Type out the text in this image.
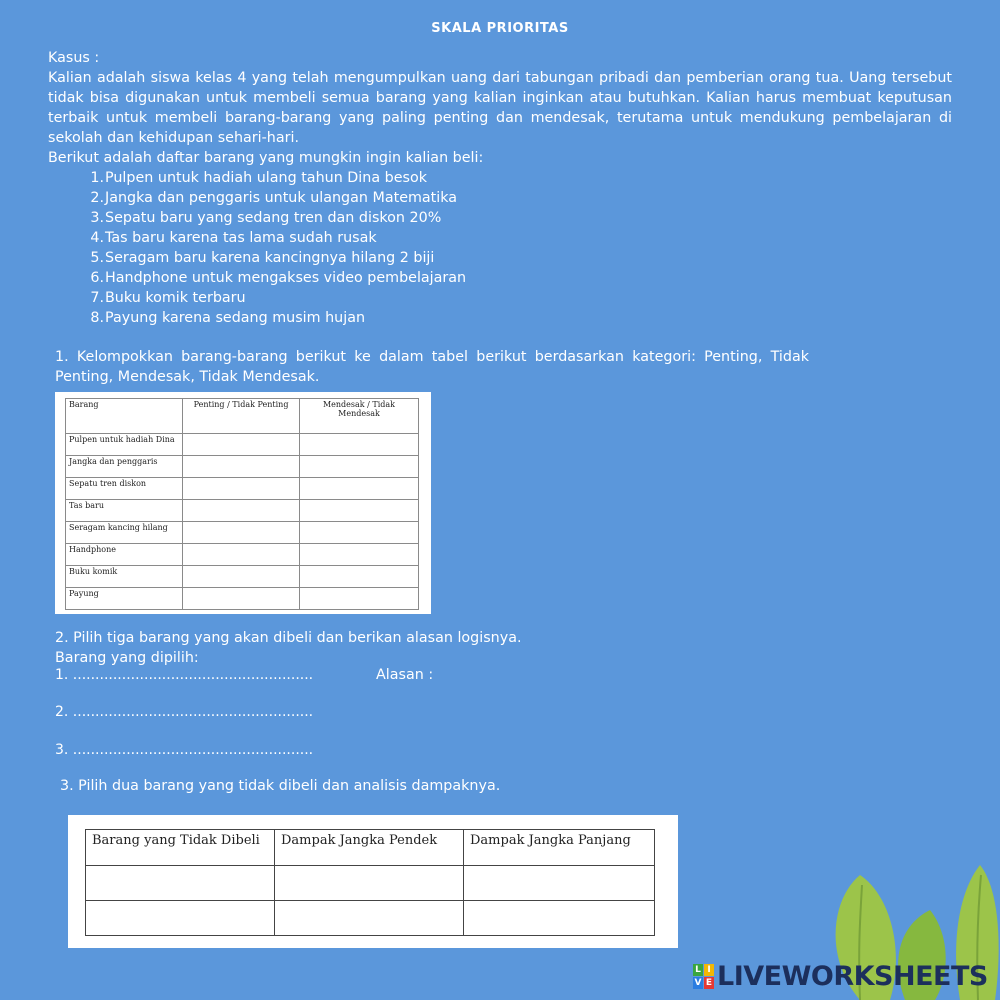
SKALA PRIORITAS

Kasus :

Kalian adalah siswa kelas 4 yang telah mengumpulkan uang dari tabungan pribadi dan pemberian orang tua. Uang tersebut tidak bisa digunakan untuk membeli semua barang yang kalian inginkan atau butuhkan. Kalian harus membuat keputusan terbaik untuk membeli barang-barang yang paling penting dan mendesak, terutama untuk mendukung pembelajaran di sekolah dan kehidupan sehari-hari.

Berikut adalah daftar barang yang mungkin ingin kalian beli:

1. Pulpen untuk hadiah ulang tahun Dina besok
2. Jangka dan penggaris untuk ulangan Matematika
3. Sepatu baru yang sedang tren dan diskon 20%
4. Tas baru karena tas lama sudah rusak
5. Seragam baru karena kancingnya hilang 2 biji
6. Handphone untuk mengakses video pembelajaran
7. Buku komik terbaru
8. Payung karena sedang musim hujan
1. Kelompokkan barang-barang berikut ke dalam tabel berikut berdasarkan kategori: Penting, Tidak Penting, Mendesak, Tidak Mendesak.
Barang	Penting / Tidak Penting	Mendesak / Tidak Mendesak
Pulpen untuk hadiah Dina		
Jangka dan penggaris		
Sepatu tren diskon		
Tas baru		
Seragam kancing hilang		
Handphone		
Buku komik		
Payung		

2. Pilih tiga barang yang akan dibeli dan berikan alasan logisnya.

Barang yang dipilih:

1. ......................................................	Alasan :
2. ......................................................
3. ......................................................
3. Pilih dua barang yang tidak dibeli dan analisis dampaknya.
Barang yang Tidak Dibeli	Dampak Jangka Pendek	Dampak Jangka Panjang

L I
V E LIVEWORKSHEETS
